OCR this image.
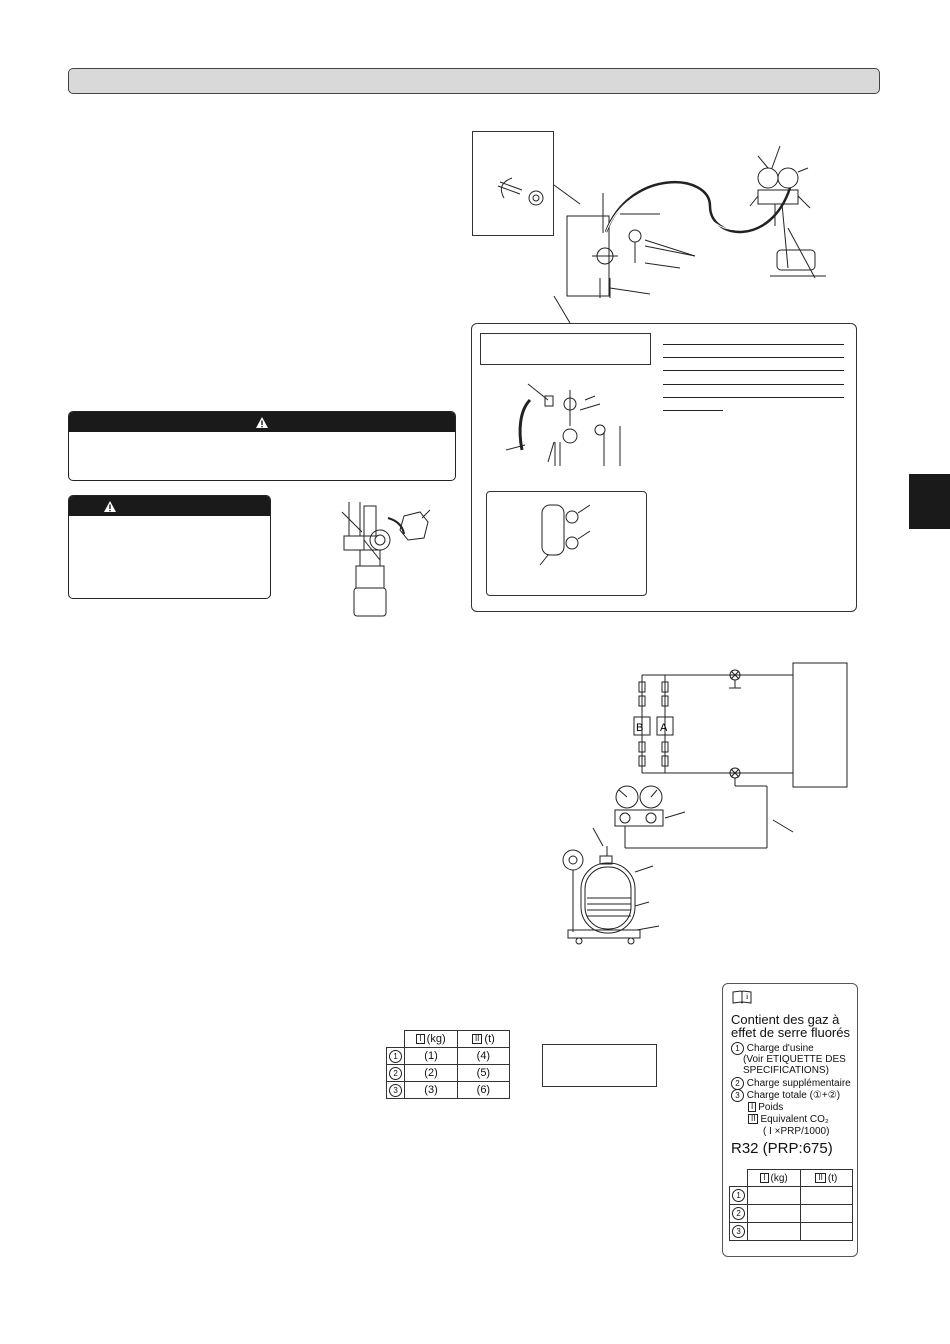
B A
	I (kg)	II (t)
1	(1)	(4)
2	(2)	(5)
3	(3)	(6)
i
Contient des gaz à
effet de serre fluorés
1 Charge d'usine
(Voir ETIQUETTE DES
SPECIFICATIONS)
2 Charge supplémentaire
3 Charge totale (①+②)
I Poids
II Equivalent CO₂
( I ×PRP/1000)
R32 (PRP:675)
	I (kg)	II (t)
1		
2		
3		
